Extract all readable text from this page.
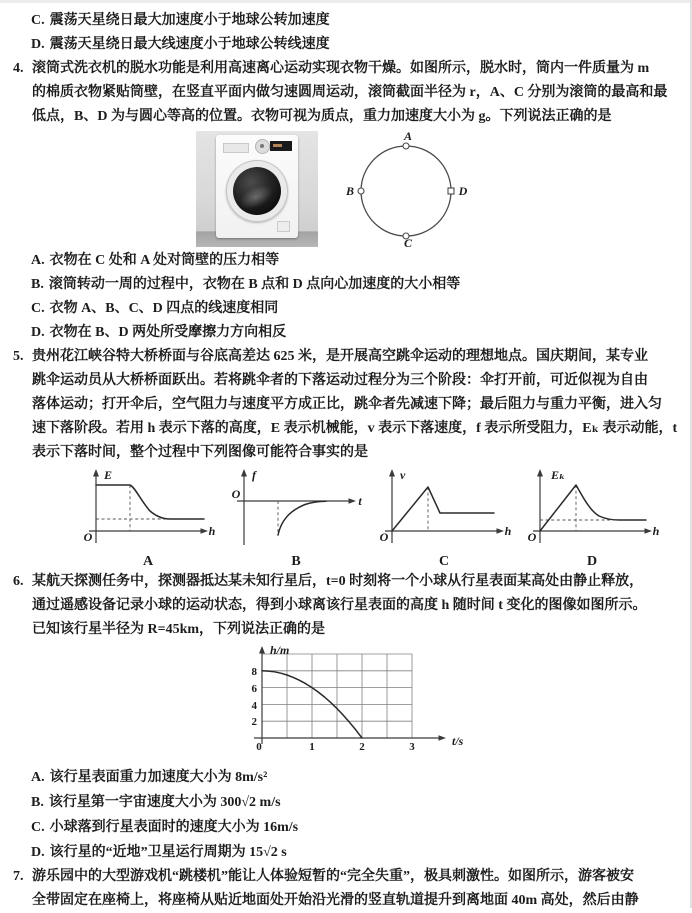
C. 震荡天星绕日最大加速度小于地球公转加速度
D. 震荡天星绕日最大线速度小于地球公转线速度
4. 滚筒式洗衣机的脱水功能是利用高速离心运动实现衣物干燥。如图所示，脱水时，筒内一件质量为 m
的棉质衣物紧贴筒壁，在竖直平面内做匀速圆周运动，滚筒截面半径为 r，A、C 分别为滚筒的最高和最
低点，B、D 为与圆心等高的位置。衣物可视为质点，重力加速度大小为 g。下列说法正确的是
A
B
C
D
A. 衣物在 C 处和 A 处对筒壁的压力相等
B. 滚筒转动一周的过程中，衣物在 B 点和 D 点向心加速度的大小相等
C. 衣物 A、B、C、D 四点的线速度相同
D. 衣物在 B、D 两处所受摩擦力方向相反
5. 贵州花江峡谷特大桥桥面与谷底高差达 625 米，是开展高空跳伞运动的理想地点。国庆期间，某专业
跳伞运动员从大桥桥面跃出。若将跳伞者的下落运动过程分为三个阶段：伞打开前，可近似视为自由
落体运动；打开伞后，空气阻力与速度平方成正比，跳伞者先减速下降；最后阻力与重力平衡，进入匀
速下落阶段。若用 h 表示下落的高度，E 表示机械能，v 表示下落速度，f 表示所受阻力，Eₖ 表示动能，t
表示下落时间，整个过程中下列图像可能符合事实的是
E
h
O
A
f
t
O
B
v
h
O
C
Eₖ
h
O
D
6. 某航天探测任务中，探测器抵达某未知行星后，t=0 时刻将一个小球从行星表面某高处由静止释放，
通过遥感设备记录小球的运动状态，得到小球离该行星表面的高度 h 随时间 t 变化的图像如图所示。
已知该行星半径为 R=45km，下列说法正确的是
h/m
t/s
8
6
4
2
0	1	2	3
A. 该行星表面重力加速度大小为 8m/s²
B. 该行星第一宇宙速度大小为 300√2 m/s
C. 小球落到行星表面时的速度大小为 16m/s
D. 该行星的“近地”卫星运行周期为 15√2 s
7. 游乐园中的大型游戏机“跳楼机”能让人体验短暂的“完全失重”，极具刺激性。如图所示，游客被安
全带固定在座椅上，将座椅从贴近地面处开始沿光滑的竖直轨道提升到离地面 40m 高处，然后由静
